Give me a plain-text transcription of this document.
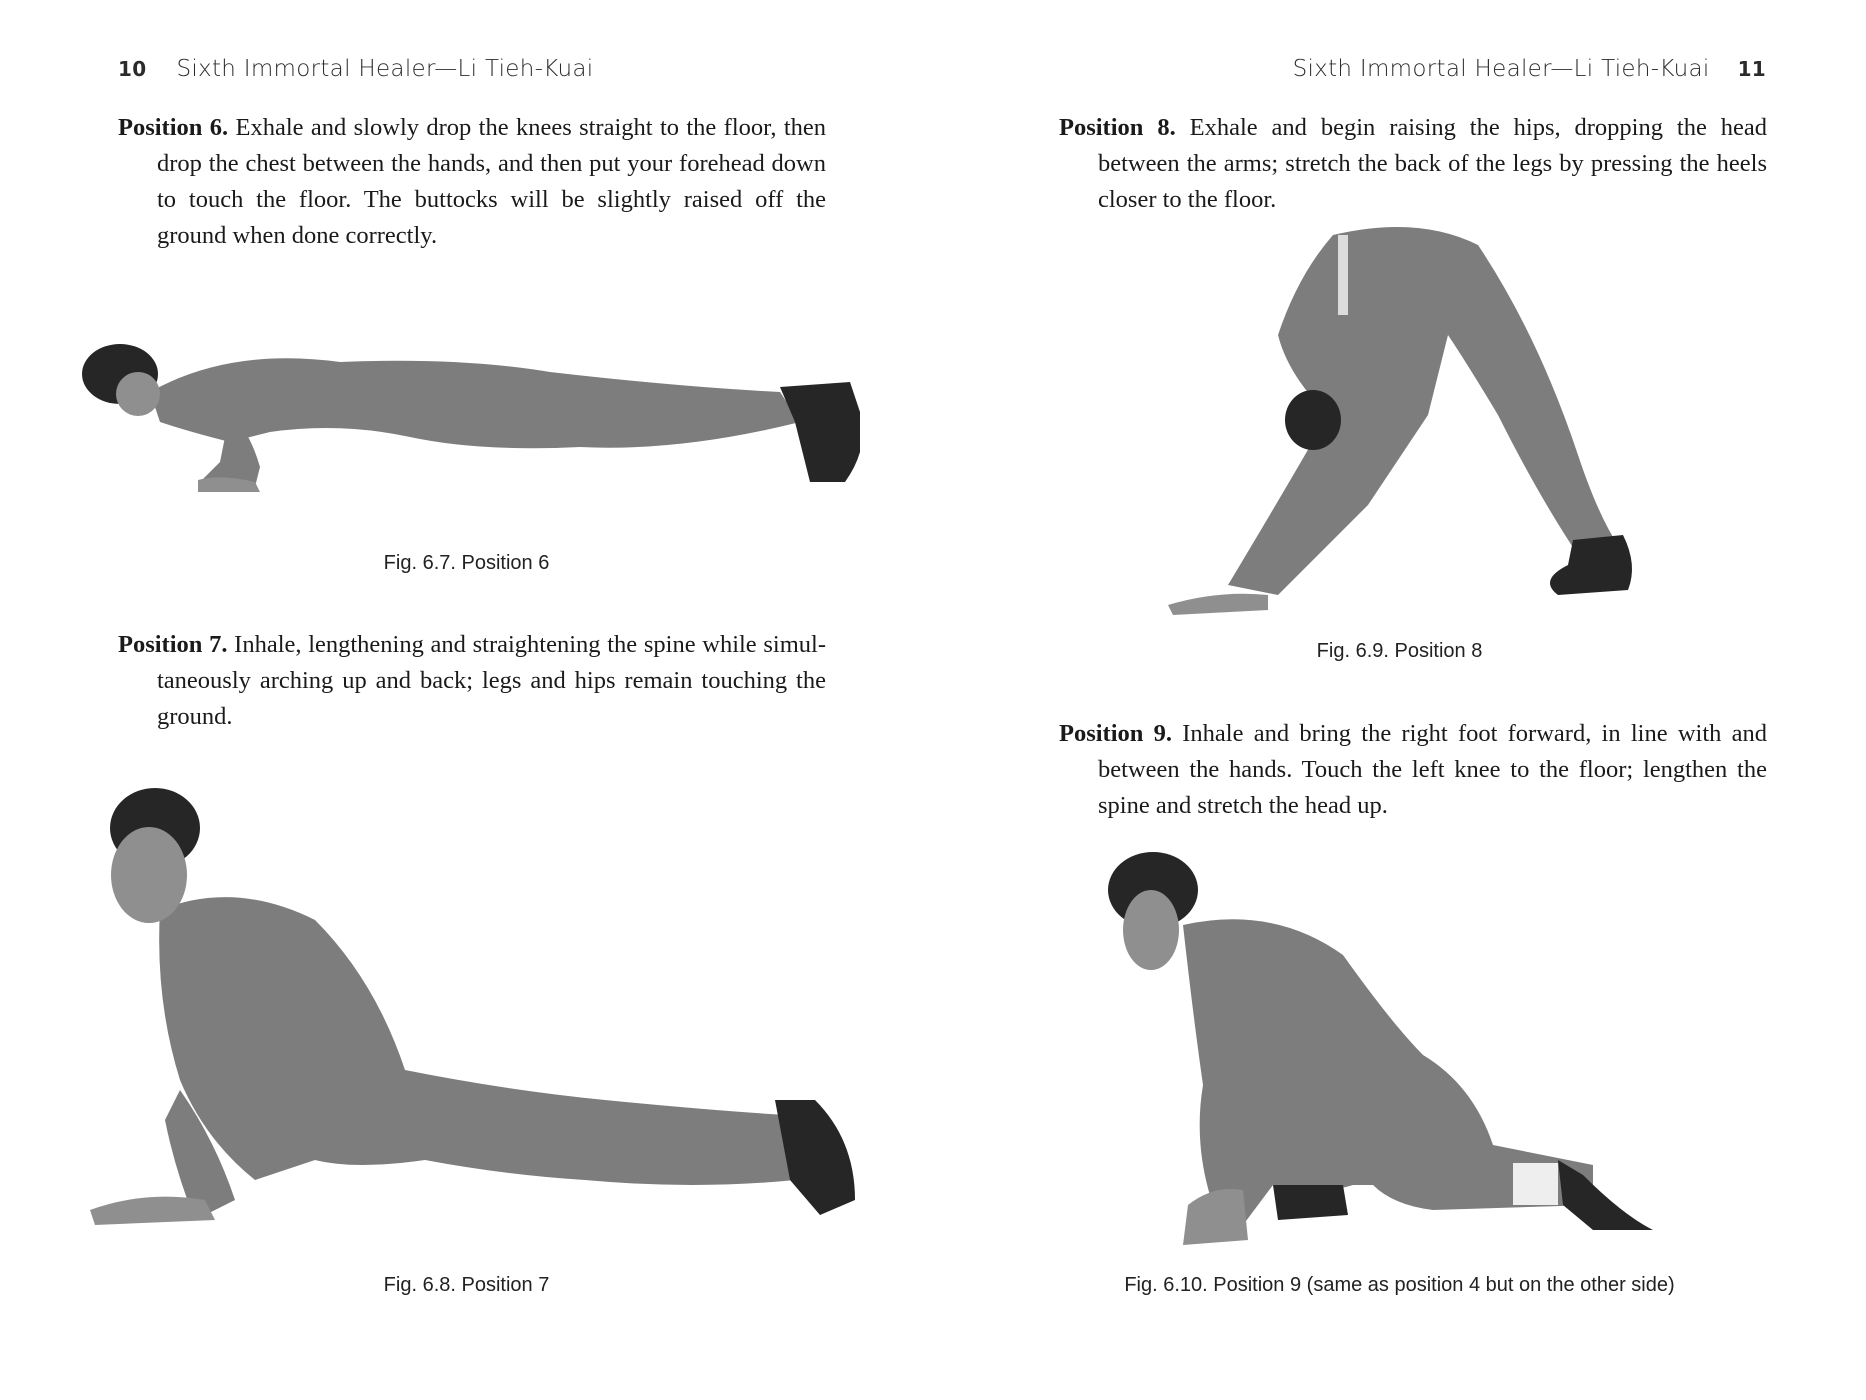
10 Sixth Immortal Healer—Li Tieh-Kuai
Position 6. Exhale and slowly drop the knees straight to the floor, then drop the chest between the hands, and then put your forehead down to touch the floor. The buttocks will be slightly raised off the ground when done correctly.
Fig. 6.7. Position 6
Position 7. Inhale, lengthening and straightening the spine while simul-taneously arching up and back; legs and hips remain touching the ground.
Fig. 6.8. Position 7
Sixth Immortal Healer—Li Tieh-Kuai 11
Position 8. Exhale and begin raising the hips, dropping the head between the arms; stretch the back of the legs by pressing the heels closer to the floor.
Fig. 6.9. Position 8
Position 9. Inhale and bring the right foot forward, in line with and between the hands. Touch the left knee to the floor; lengthen the spine and stretch the head up.
Fig. 6.10. Position 9 (same as position 4 but on the other side)
